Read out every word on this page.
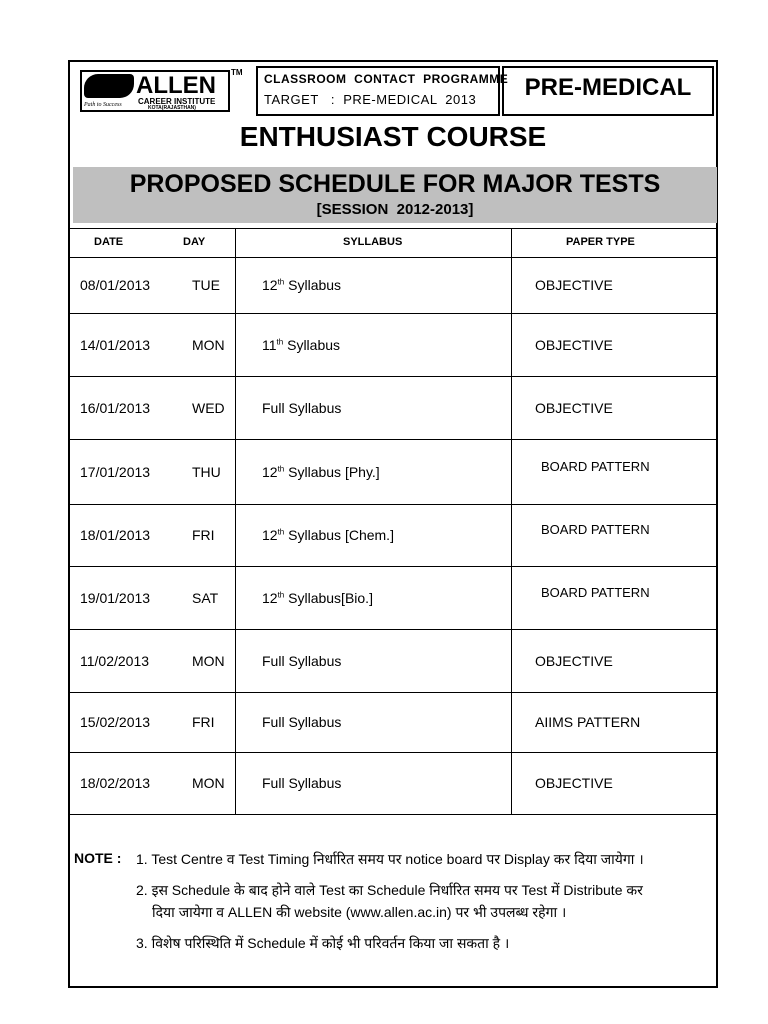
ALLEN
CAREER INSTITUTE
KOTA(RAJASTHAN)
Path to Success
TM CLASSROOM  CONTACT  PROGRAMME
TARGET   :  PRE-MEDICAL  2013	PRE-MEDICAL
ENTHUSIAST COURSE
PROPOSED SCHEDULE FOR MAJOR TESTS
[SESSION  2012-2013]
DATE	DAY	SYLLABUS	PAPER TYPE
08/01/2013	TUE	12th Syllabus	OBJECTIVE
14/01/2013	MON	11th Syllabus	OBJECTIVE
16/01/2013	WED	Full Syllabus	OBJECTIVE
17/01/2013	THU	12th Syllabus [Phy.]	BOARD PATTERN
18/01/2013	FRI	12th Syllabus [Chem.]	BOARD PATTERN
19/01/2013	SAT	12th Syllabus[Bio.]	BOARD PATTERN
11/02/2013	MON	Full Syllabus	OBJECTIVE
15/02/2013	FRI	Full Syllabus	AIIMS PATTERN
18/02/2013	MON	Full Syllabus	OBJECTIVE
NOTE : 1. Test Centre व Test Timing निर्धारित समय पर notice board पर Display कर दिया जायेगा ।
2. इस Schedule के बाद होने वाले Test का Schedule निर्धारित समय पर Test में Distribute कर
दिया जायेगा व ALLEN की website (www.allen.ac.in) पर भी उपलब्ध रहेगा ।
3. विशेष परिस्थिति में Schedule में कोई भी परिवर्तन किया जा सकता है ।
